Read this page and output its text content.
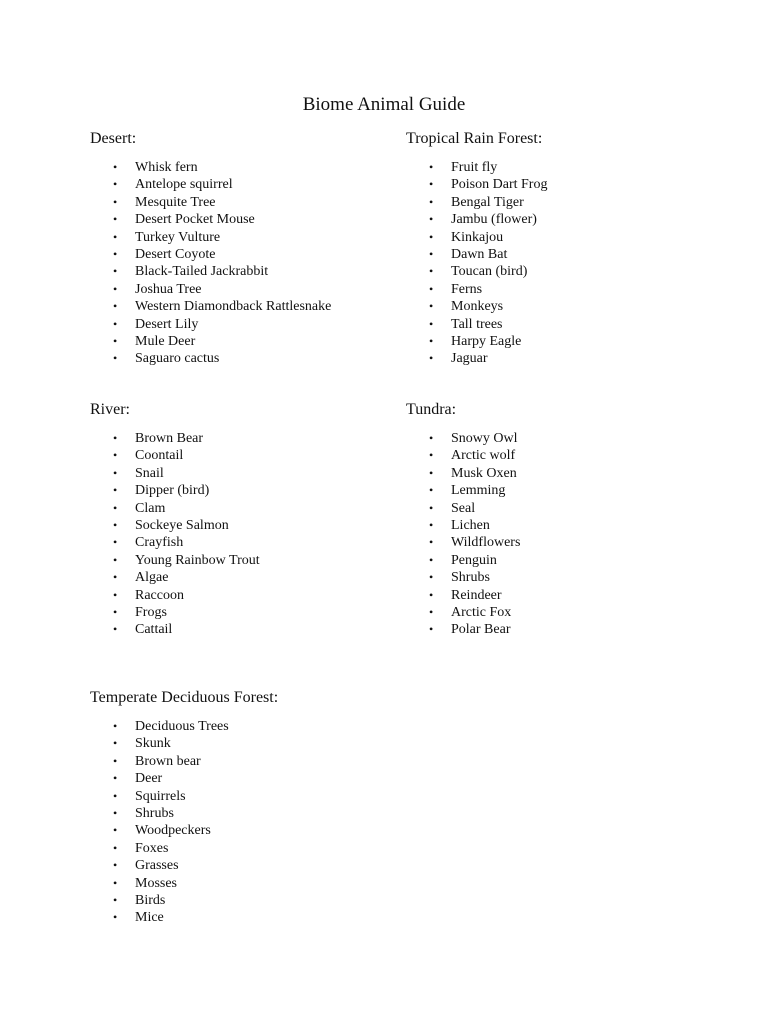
Biome Animal Guide
Desert:
• Whisk fern
• Antelope squirrel
• Mesquite Tree
• Desert Pocket Mouse
• Turkey Vulture
• Desert Coyote
• Black-Tailed Jackrabbit
• Joshua Tree
• Western Diamondback Rattlesnake
• Desert Lily
• Mule Deer
• Saguaro cactus
Tropical Rain Forest:
• Fruit fly
• Poison Dart Frog
• Bengal Tiger
• Jambu (flower)
• Kinkajou
• Dawn Bat
• Toucan (bird)
• Ferns
• Monkeys
• Tall trees
• Harpy Eagle
• Jaguar
River:
• Brown Bear
• Coontail
• Snail
• Dipper (bird)
• Clam
• Sockeye Salmon
• Crayfish
• Young Rainbow Trout
• Algae
• Raccoon
• Frogs
• Cattail
Tundra:
• Snowy Owl
• Arctic wolf
• Musk Oxen
• Lemming
• Seal
• Lichen
• Wildflowers
• Penguin
• Shrubs
• Reindeer
• Arctic Fox
• Polar Bear
Temperate Deciduous Forest:
• Deciduous Trees
• Skunk
• Brown bear
• Deer
• Squirrels
• Shrubs
• Woodpeckers
• Foxes
• Grasses
• Mosses
• Birds
• Mice
